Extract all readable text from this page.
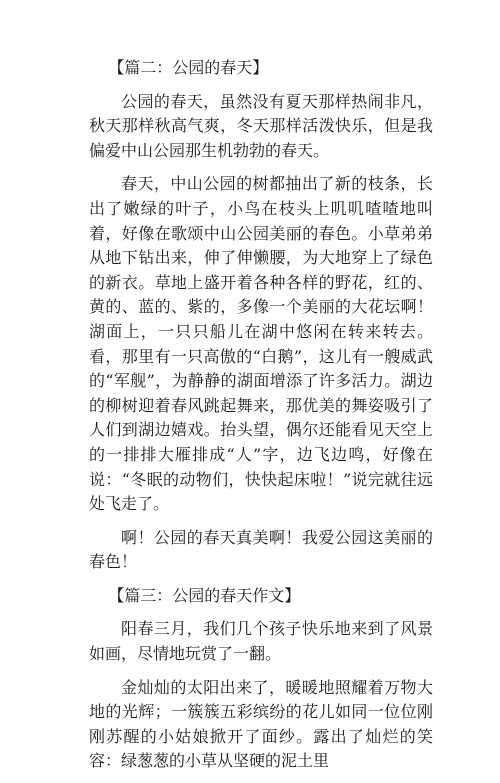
【篇二：公园的春天】
公园的春天，虽然没有夏天那样热闹非凡，秋天那样秋高气爽，冬天那样活泼快乐，但是我偏爱中山公园那生机勃勃的春天。
春天，中山公园的树都抽出了新的枝条，长出了嫩绿的叶子，小鸟在枝头上叽叽喳喳地叫着，好像在歌颂中山公园美丽的春色。小草弟弟从地下钻出来，伸了伸懒腰，为大地穿上了绿色的新衣。草地上盛开着各种各样的野花，红的、黄的、蓝的、紫的，多像一个美丽的大花坛啊！湖面上，一只只船儿在湖中悠闲在转来转去。看，那里有一只高傲的“白鹅”，这儿有一艘威武的“军舰”，为静静的湖面增添了许多活力。湖边的柳树迎着春风跳起舞来，那优美的舞姿吸引了人们到湖边嬉戏。抬头望，偶尔还能看见天空上的一排排大雁排成“人”字，边飞边鸣，好像在说：“冬眠的动物们，快快起床啦！”说完就往远处飞走了。
啊！公园的春天真美啊！我爱公园这美丽的春色！
【篇三：公园的春天作文】
阳春三月，我们几个孩子快乐地来到了风景如画，尽情地玩赏了一翻。
金灿灿的太阳出来了，暖暖地照耀着万物大地的光辉；一簇簇五彩缤纷的花儿如同一位位刚刚苏醒的小姑娘掀开了面纱。露出了灿烂的笑容：绿葱葱的小草从坚硬的泥土里
